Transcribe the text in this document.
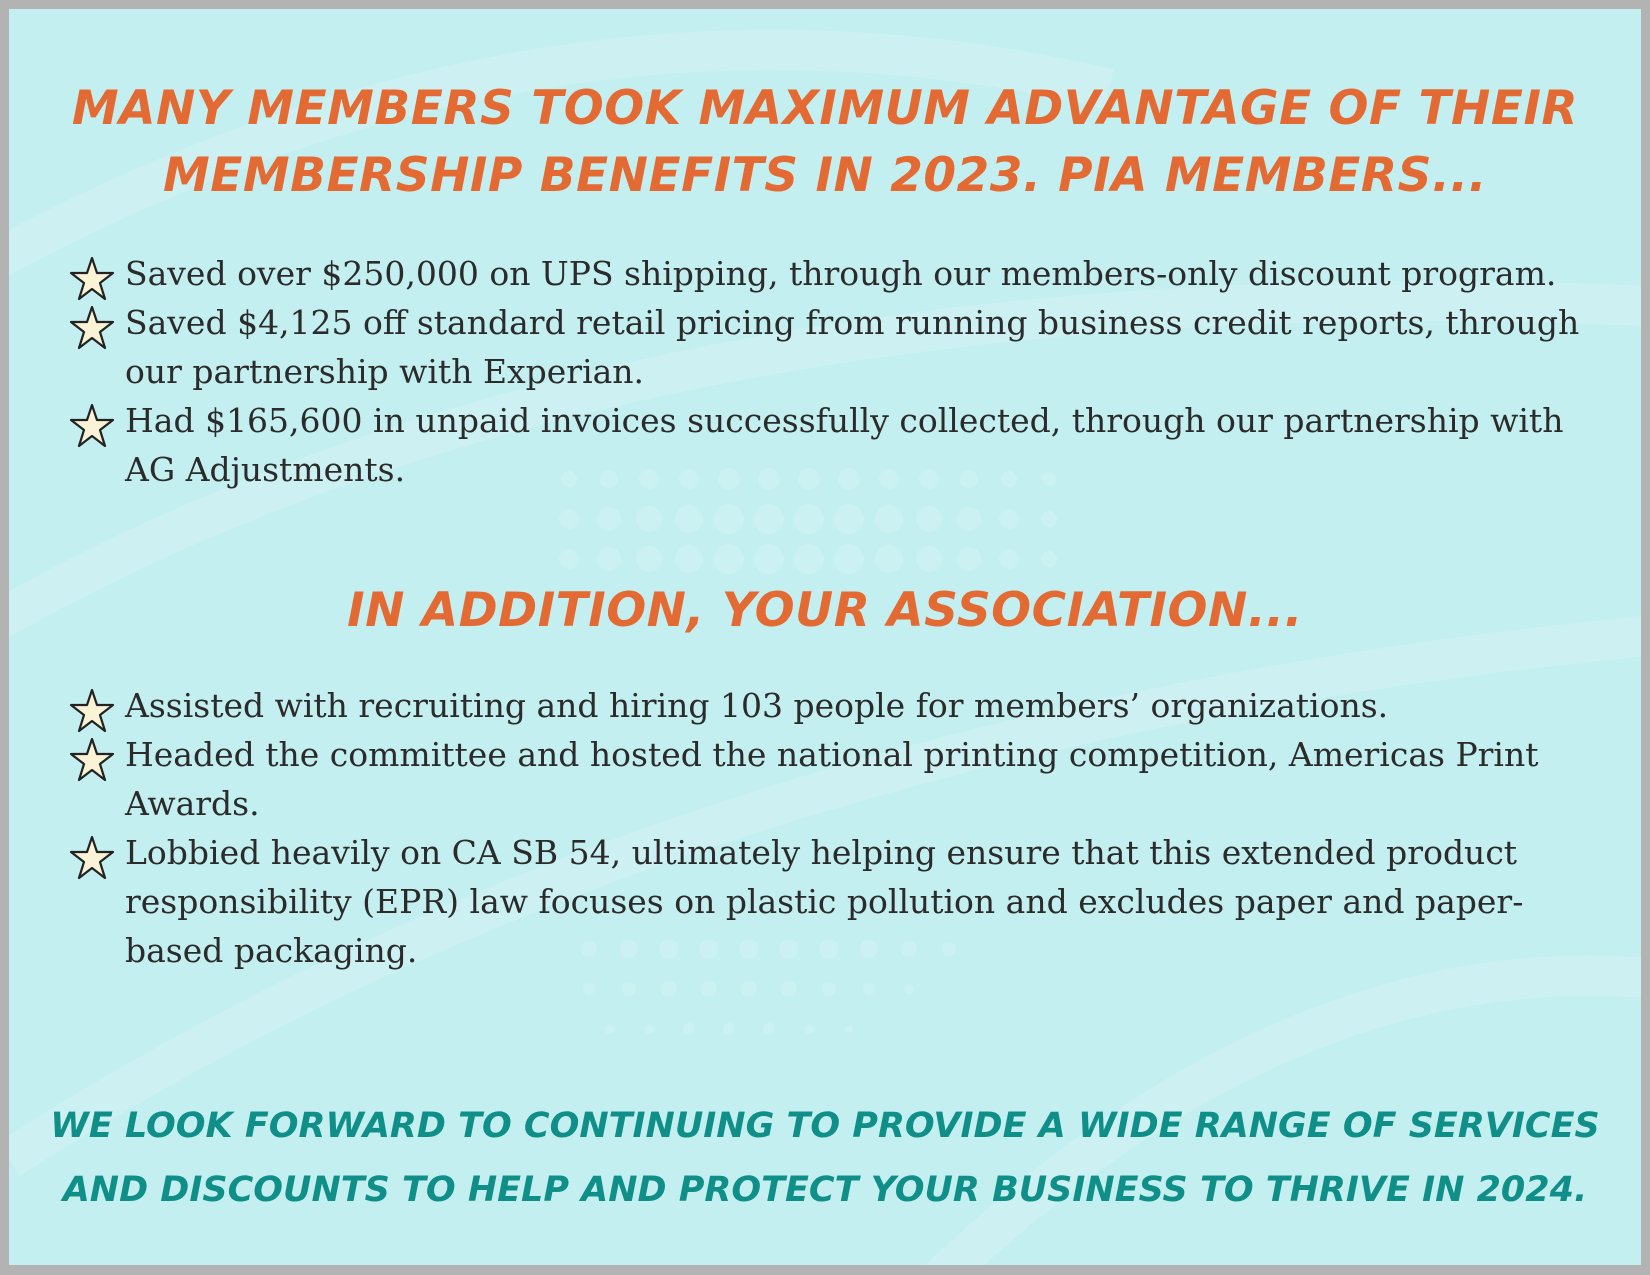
MANY MEMBERS TOOK MAXIMUM ADVANTAGE OF THEIR MEMBERSHIP BENEFITS IN 2023. PIA MEMBERS...
Saved over $250,000 on UPS shipping, through our members-only discount program.
Saved $4,125 off standard retail pricing from running business credit reports, through our partnership with Experian.
Had $165,600 in unpaid invoices successfully collected, through our partnership with AG Adjustments.
IN ADDITION, YOUR ASSOCIATION...
Assisted with recruiting and hiring 103 people for members’ organizations.
Headed the committee and hosted the national printing competition, Americas Print Awards.
Lobbied heavily on CA SB 54, ultimately helping ensure that this extended product responsibility (EPR) law focuses on plastic pollution and excludes paper and paper-based packaging.
WE LOOK FORWARD TO CONTINUING TO PROVIDE A WIDE RANGE OF SERVICES AND DISCOUNTS TO HELP AND PROTECT YOUR BUSINESS TO THRIVE IN 2024.
